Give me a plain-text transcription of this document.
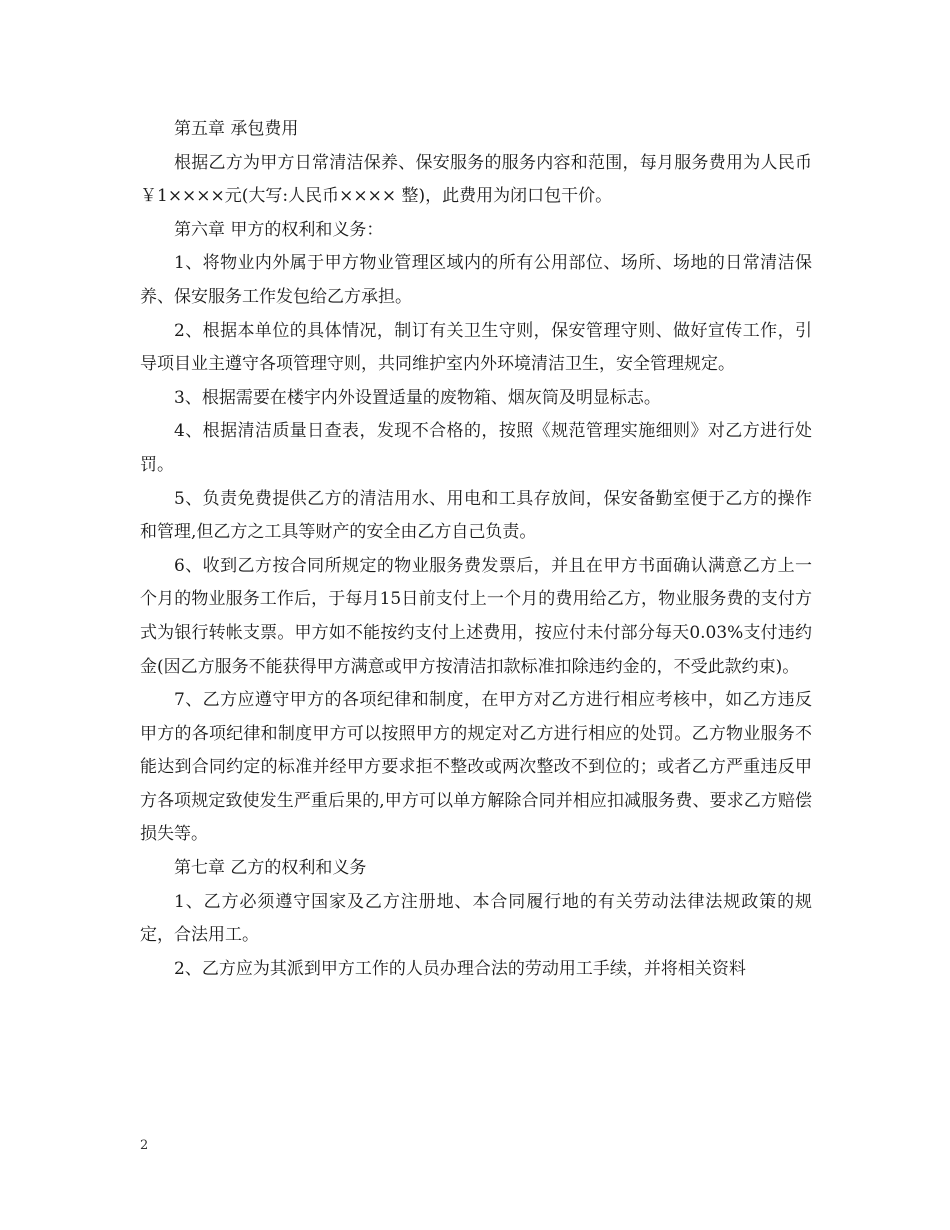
第五章 承包费用

根据乙方为甲方日常清洁保养、保安服务的服务内容和范围，每月服务费用为人民币￥1××××元(大写:人民币×××× 整)，此费用为闭口包干价。

第六章 甲方的权利和义务：

1、将物业内外属于甲方物业管理区域内的所有公用部位、场所、场地的日常清洁保养、保安服务工作发包给乙方承担。

2、根据本单位的具体情况，制订有关卫生守则，保安管理守则、做好宣传工作，引导项目业主遵守各项管理守则，共同维护室内外环境清洁卫生，安全管理规定。

3、根据需要在楼宇内外设置适量的废物箱、烟灰筒及明显标志。

4、根据清洁质量日查表，发现不合格的，按照《规范管理实施细则》对乙方进行处罚。

5、负责免费提供乙方的清洁用水、用电和工具存放间，保安备勤室便于乙方的操作和管理,但乙方之工具等财产的安全由乙方自己负责。

6、收到乙方按合同所规定的物业服务费发票后，并且在甲方书面确认满意乙方上一个月的物业服务工作后，于每月15日前支付上一个月的费用给乙方，物业服务费的支付方式为银行转帐支票。甲方如不能按约支付上述费用，按应付未付部分每天0.03%支付违约金(因乙方服务不能获得甲方满意或甲方按清洁扣款标准扣除违约金的，不受此款约束)。

7、乙方应遵守甲方的各项纪律和制度，在甲方对乙方进行相应考核中，如乙方违反甲方的各项纪律和制度甲方可以按照甲方的规定对乙方进行相应的处罚。乙方物业服务不能达到合同约定的标准并经甲方要求拒不整改或两次整改不到位的；或者乙方严重违反甲方各项规定致使发生严重后果的,甲方可以单方解除合同并相应扣减服务费、要求乙方赔偿损失等。

第七章 乙方的权利和义务

1、乙方必须遵守国家及乙方注册地、本合同履行地的有关劳动法律法规政策的规定，合法用工。

2、乙方应为其派到甲方工作的人员办理合法的劳动用工手续，并将相关资料

2
